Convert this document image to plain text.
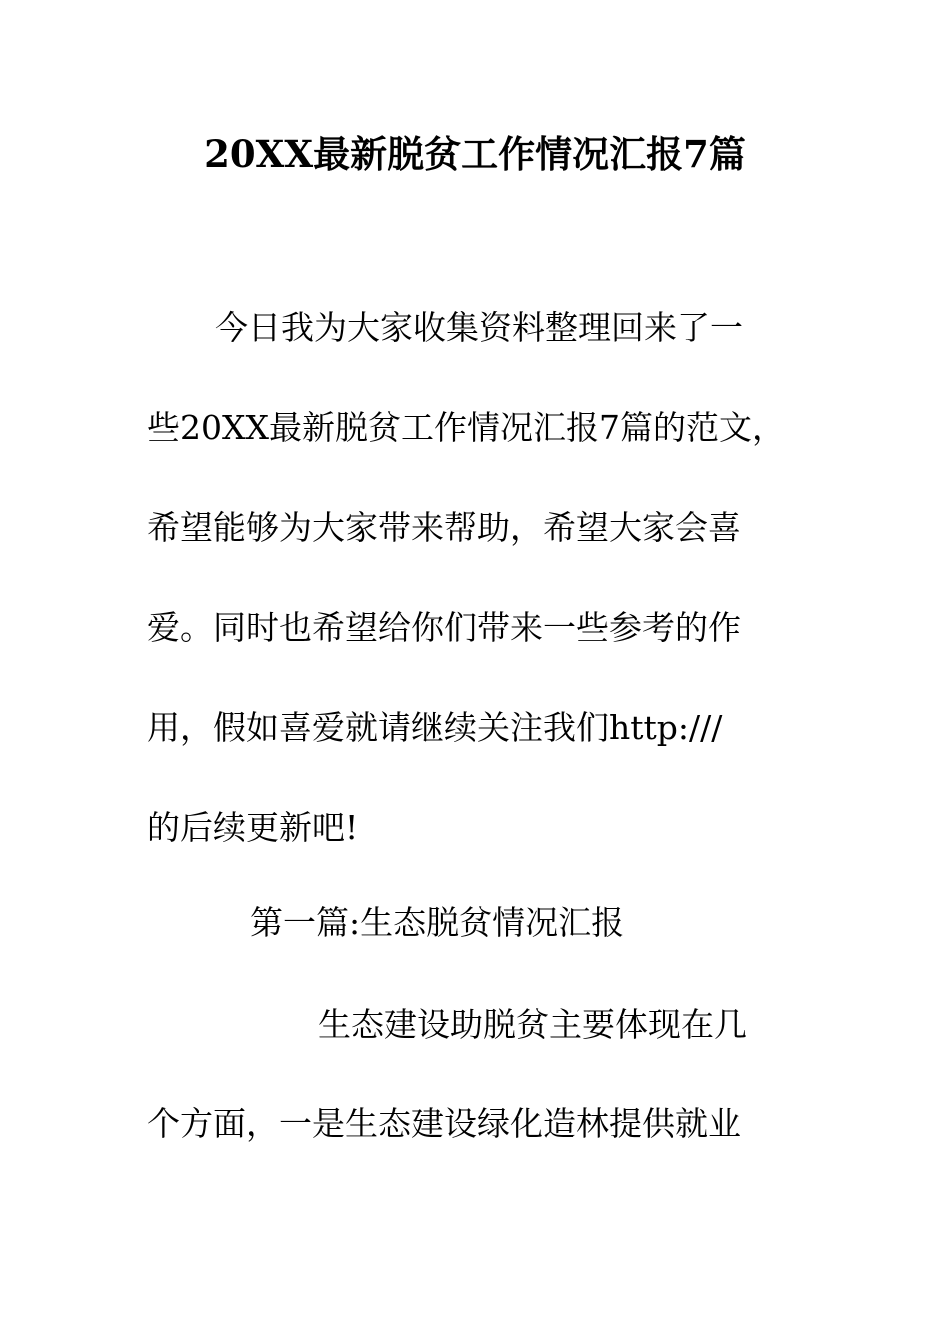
20XX最新脱贫工作情况汇报7篇
今日我为大家收集资料整理回来了一
些20XX最新脱贫工作情况汇报7篇的范文，
希望能够为大家带来帮助，希望大家会喜
爱。同时也希望给你们带来一些参考的作
用，假如喜爱就请继续关注我们http:///
的后续更新吧!
第一篇:生态脱贫情况汇报
生态建设助脱贫主要体现在几
个方面，一是生态建设绿化造林提供就业
